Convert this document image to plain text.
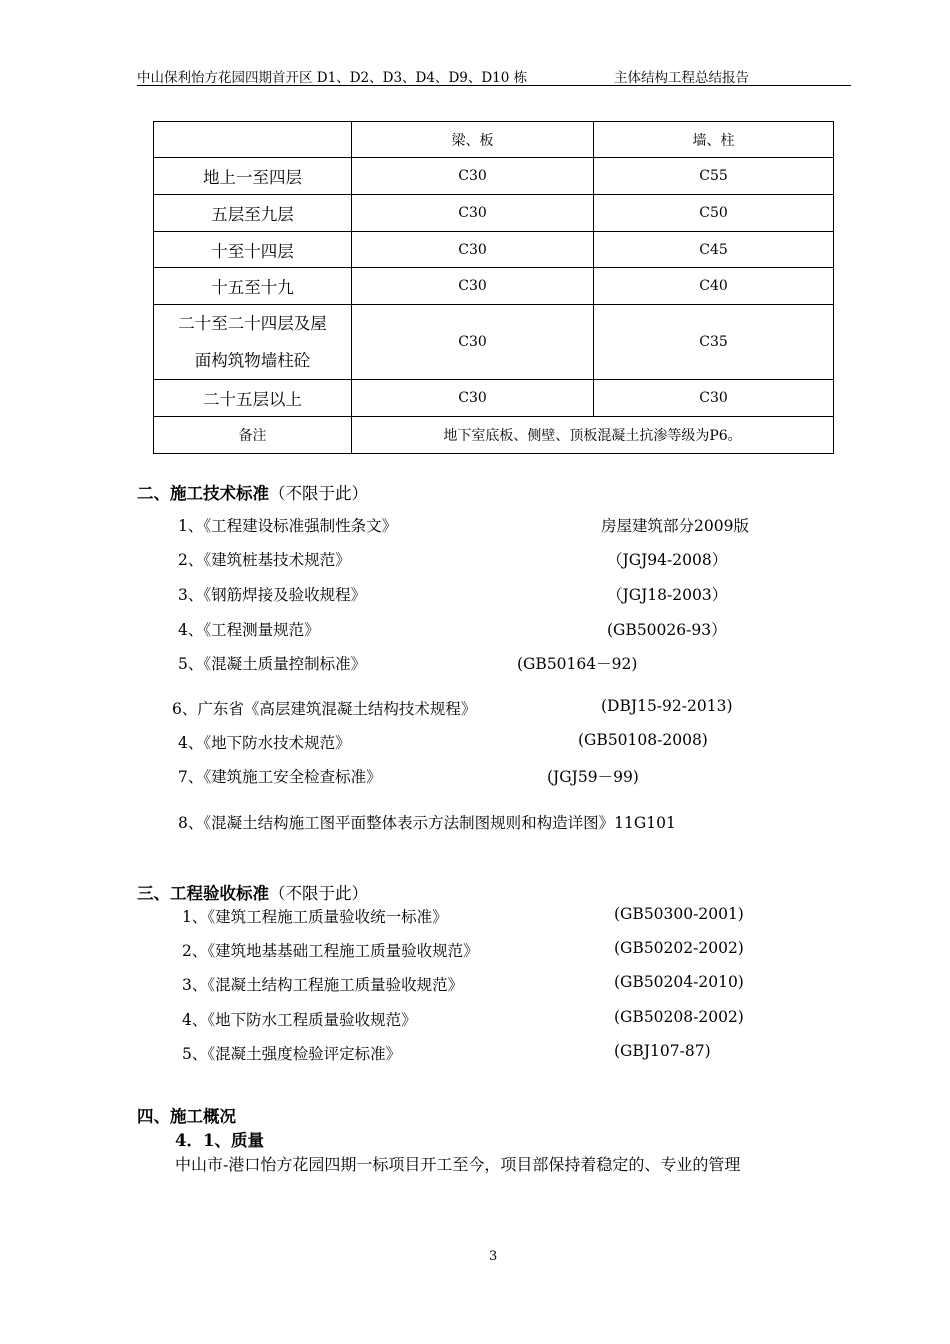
中山保利怡方花园四期首开区 D1、D2、D3、D4、D9、D10 栋	主体结构工程总结报告
	梁、板	墙、柱
地上一至四层	C30	C55
五层至九层	C30	C50
十至十四层	C30	C45
十五至十九	C30	C40

二十至二十四层及屋
面构筑物墙柱砼	C30	C35
二十五层以上	C30	C30
备注	地下室底板、侧壁、顶板混凝土抗渗等级为P6。	
二、施工技术标准（不限于此）
1、《工程建设标准强制性条文》	房屋建筑部分2009版
2、《建筑桩基技术规范》	（JGJ94-2008）
3、《钢筋焊接及验收规程》	（JGJ18-2003）
4、《工程测量规范》	(GB50026-93）
5、《混凝土质量控制标准》	(GB50164－92)
6、广东省《高层建筑混凝土结构技术规程》	(DBJ15-92-2013)
4、《地下防水技术规范》	(GB50108-2008)
7、《建筑施工安全检查标准》	(JGJ59－99)
8、《混凝土结构施工图平面整体表示方法制图规则和构造详图》11G101
三、工程验收标准（不限于此）
1、《建筑工程施工质量验收统一标准》	(GB50300-2001)
2、《建筑地基基础工程施工质量验收规范》	(GB50202-2002)
3、《混凝土结构工程施工质量验收规范》	(GB50204-2010)
4、《地下防水工程质量验收规范》	(GB50208-2002)
5、《混凝土强度检验评定标准》	(GBJ107-87)
四、施工概况
4．1、质量
中山市-港口怡方花园四期一标项目开工至今，项目部保持着稳定的、专业的管理
3
